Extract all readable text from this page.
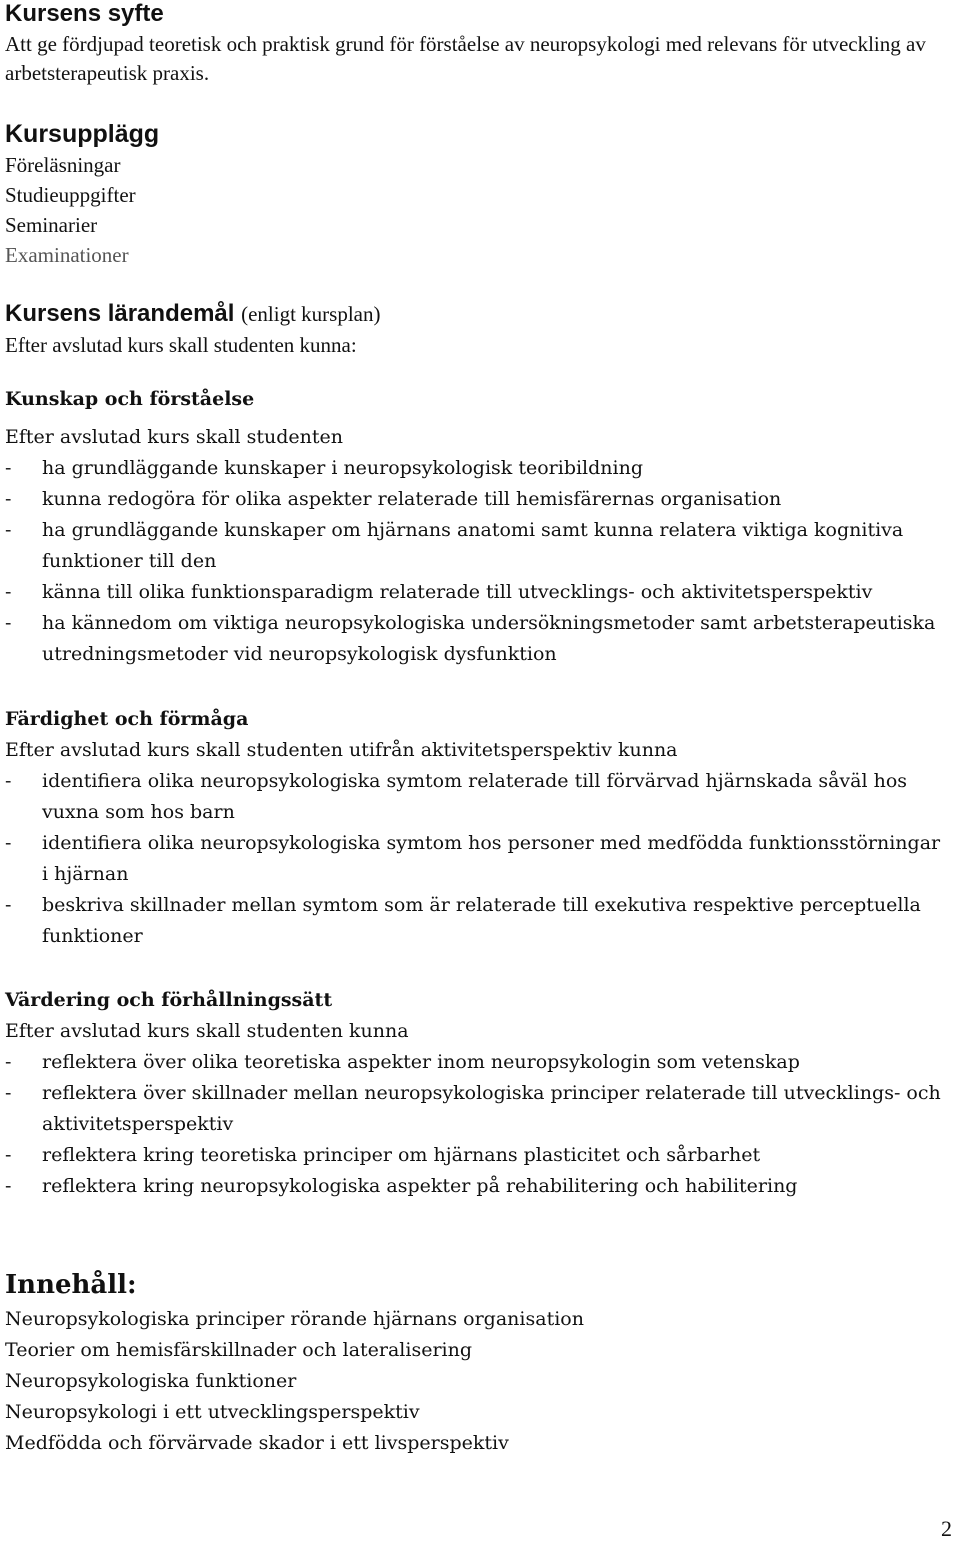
Kursens syfte

Att ge fördjupad teoretisk och praktisk grund för förståelse av neuropsykologi med relevans för utveckling av arbetsterapeutisk praxis.

Kursupplägg

Föreläsningar

Studieuppgifter

Seminarier

Examinationer

Kursens lärandemål (enligt kursplan)

Efter avslutad kurs skall studenten kunna:

Kunskap och förståelse

Efter avslutad kurs skall studenten

- ha grundläggande kunskaper i neuropsykologisk teoribildning
- kunna redogöra för olika aspekter relaterade till hemisfärernas organisation
- ha grundläggande kunskaper om hjärnans anatomi samt kunna relatera viktiga kognitiva funktioner till den
- känna till olika funktionsparadigm relaterade till utvecklings- och aktivitetsperspektiv
- ha kännedom om viktiga neuropsykologiska undersökningsmetoder samt arbetsterapeutiska utredningsmetoder vid neuropsykologisk dysfunktion
Färdighet och förmåga

Efter avslutad kurs skall studenten utifrån aktivitetsperspektiv kunna

- identifiera olika neuropsykologiska symtom relaterade till förvärvad hjärnskada såväl hos vuxna som hos barn
- identifiera olika neuropsykologiska symtom hos personer med medfödda funktionsstörningar i hjärnan
- beskriva skillnader mellan symtom som är relaterade till exekutiva respektive perceptuella funktioner
Värdering och förhållningssätt

Efter avslutad kurs skall studenten kunna

- reflektera över olika teoretiska aspekter inom neuropsykologin som vetenskap
- reflektera över skillnader mellan neuropsykologiska principer relaterade till utvecklings- och aktivitetsperspektiv
- reflektera kring teoretiska principer om hjärnans plasticitet och sårbarhet
- reflektera kring neuropsykologiska aspekter på rehabilitering och habilitering
Innehåll:

Neuropsykologiska principer rörande hjärnans organisation

Teorier om hemisfärskillnader och lateralisering

Neuropsykologiska funktioner

Neuropsykologi i ett utvecklingsperspektiv

Medfödda och förvärvade skador i ett livsperspektiv

2
